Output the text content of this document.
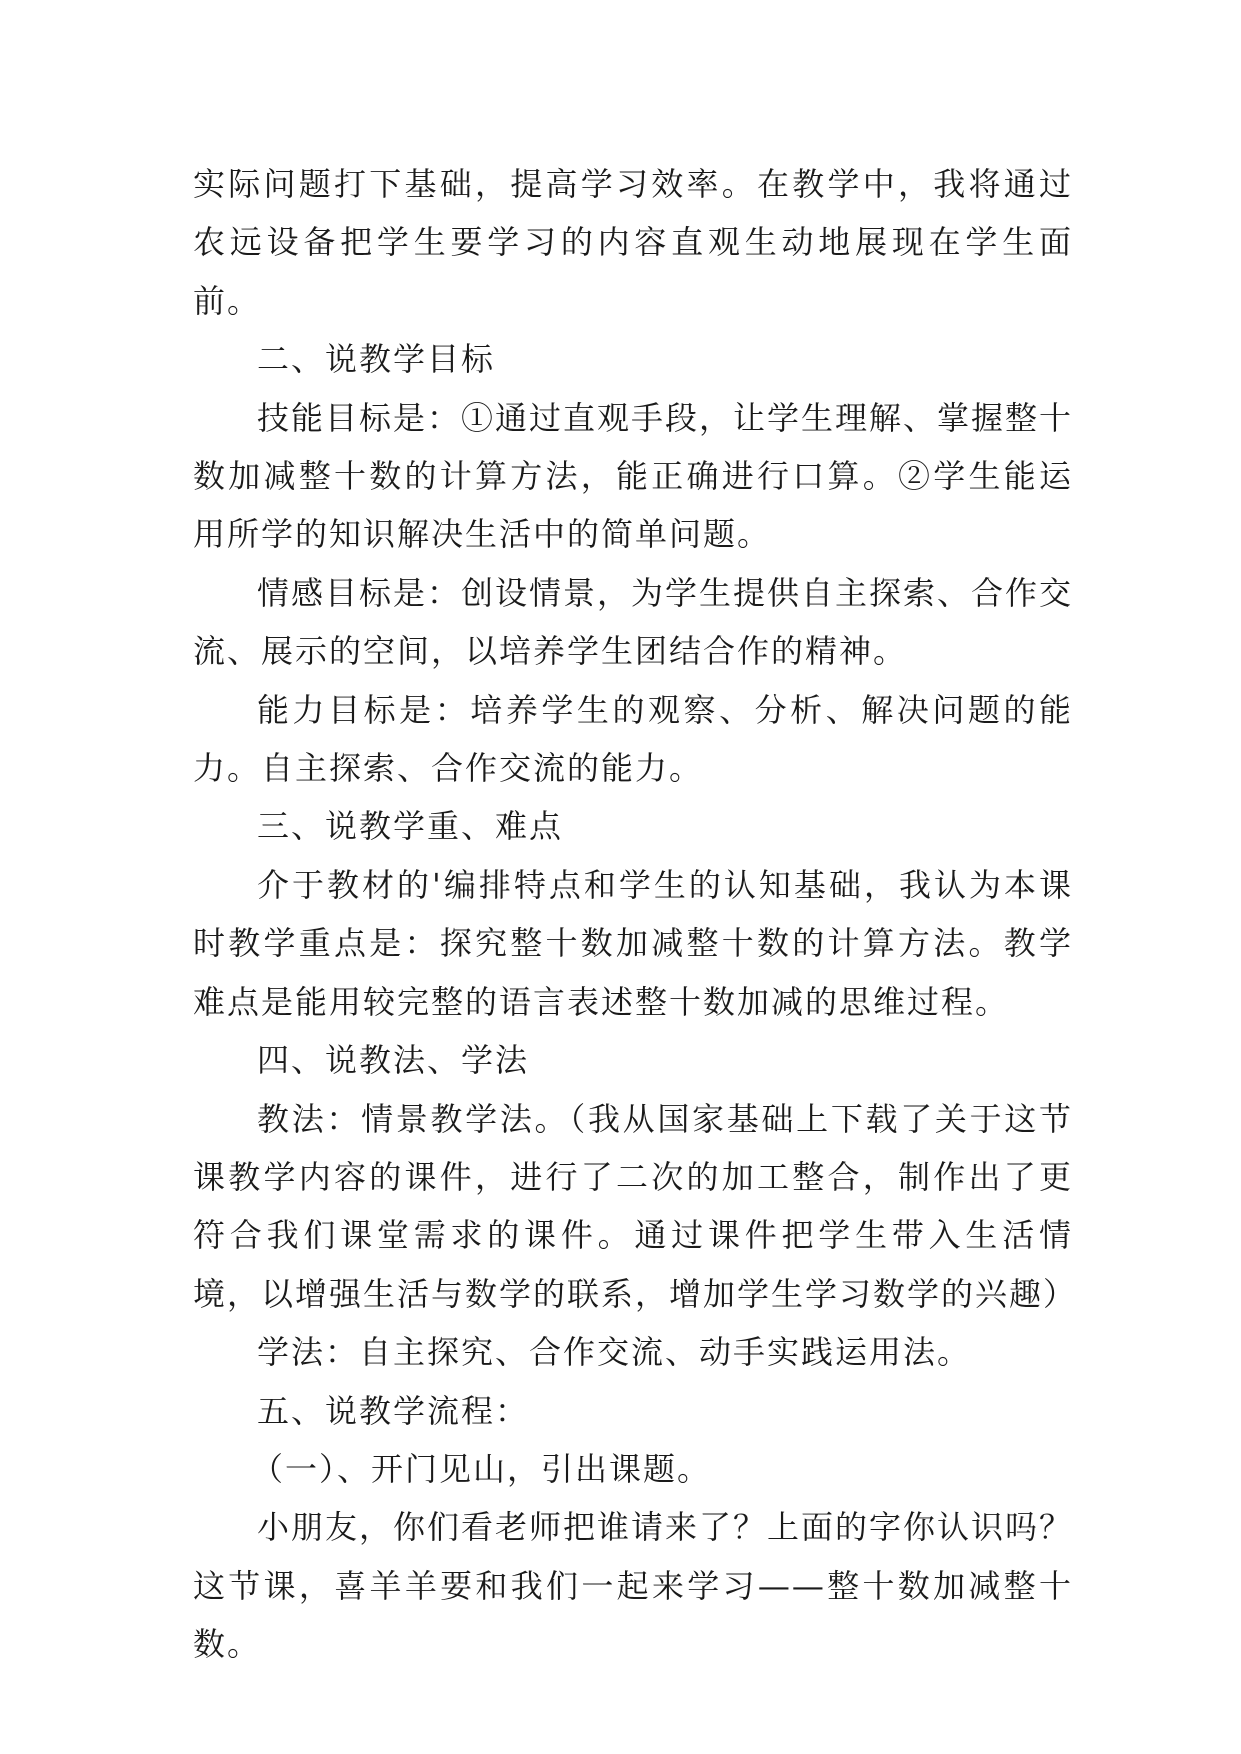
实际问题打下基础，提高学习效率。在教学中，我将通过农远设备把学生要学习的内容直观生动地展现在学生面前。

二、说教学目标

技能目标是：①通过直观手段，让学生理解、掌握整十数加减整十数的计算方法，能正确进行口算。②学生能运用所学的知识解决生活中的简单问题。

情感目标是：创设情景，为学生提供自主探索、合作交流、展示的空间，以培养学生团结合作的精神。

能力目标是：培养学生的观察、分析、解决问题的能力。自主探索、合作交流的能力。

三、说教学重、难点

介于教材的'编排特点和学生的认知基础，我认为本课时教学重点是：探究整十数加减整十数的计算方法。教学难点是能用较完整的语言表述整十数加减的思维过程。

四、说教法、学法

教法：情景教学法。（我从国家基础上下载了关于这节课教学内容的课件，进行了二次的加工整合，制作出了更符合我们课堂需求的课件。通过课件把学生带入生活情境，以增强生活与数学的联系，增加学生学习数学的兴趣）

学法：自主探究、合作交流、动手实践运用法。

五、说教学流程：

（一）、开门见山，引出课题。

小朋友，你们看老师把谁请来了？上面的字你认识吗？这节课，喜羊羊要和我们一起来学习——整十数加减整十数。
